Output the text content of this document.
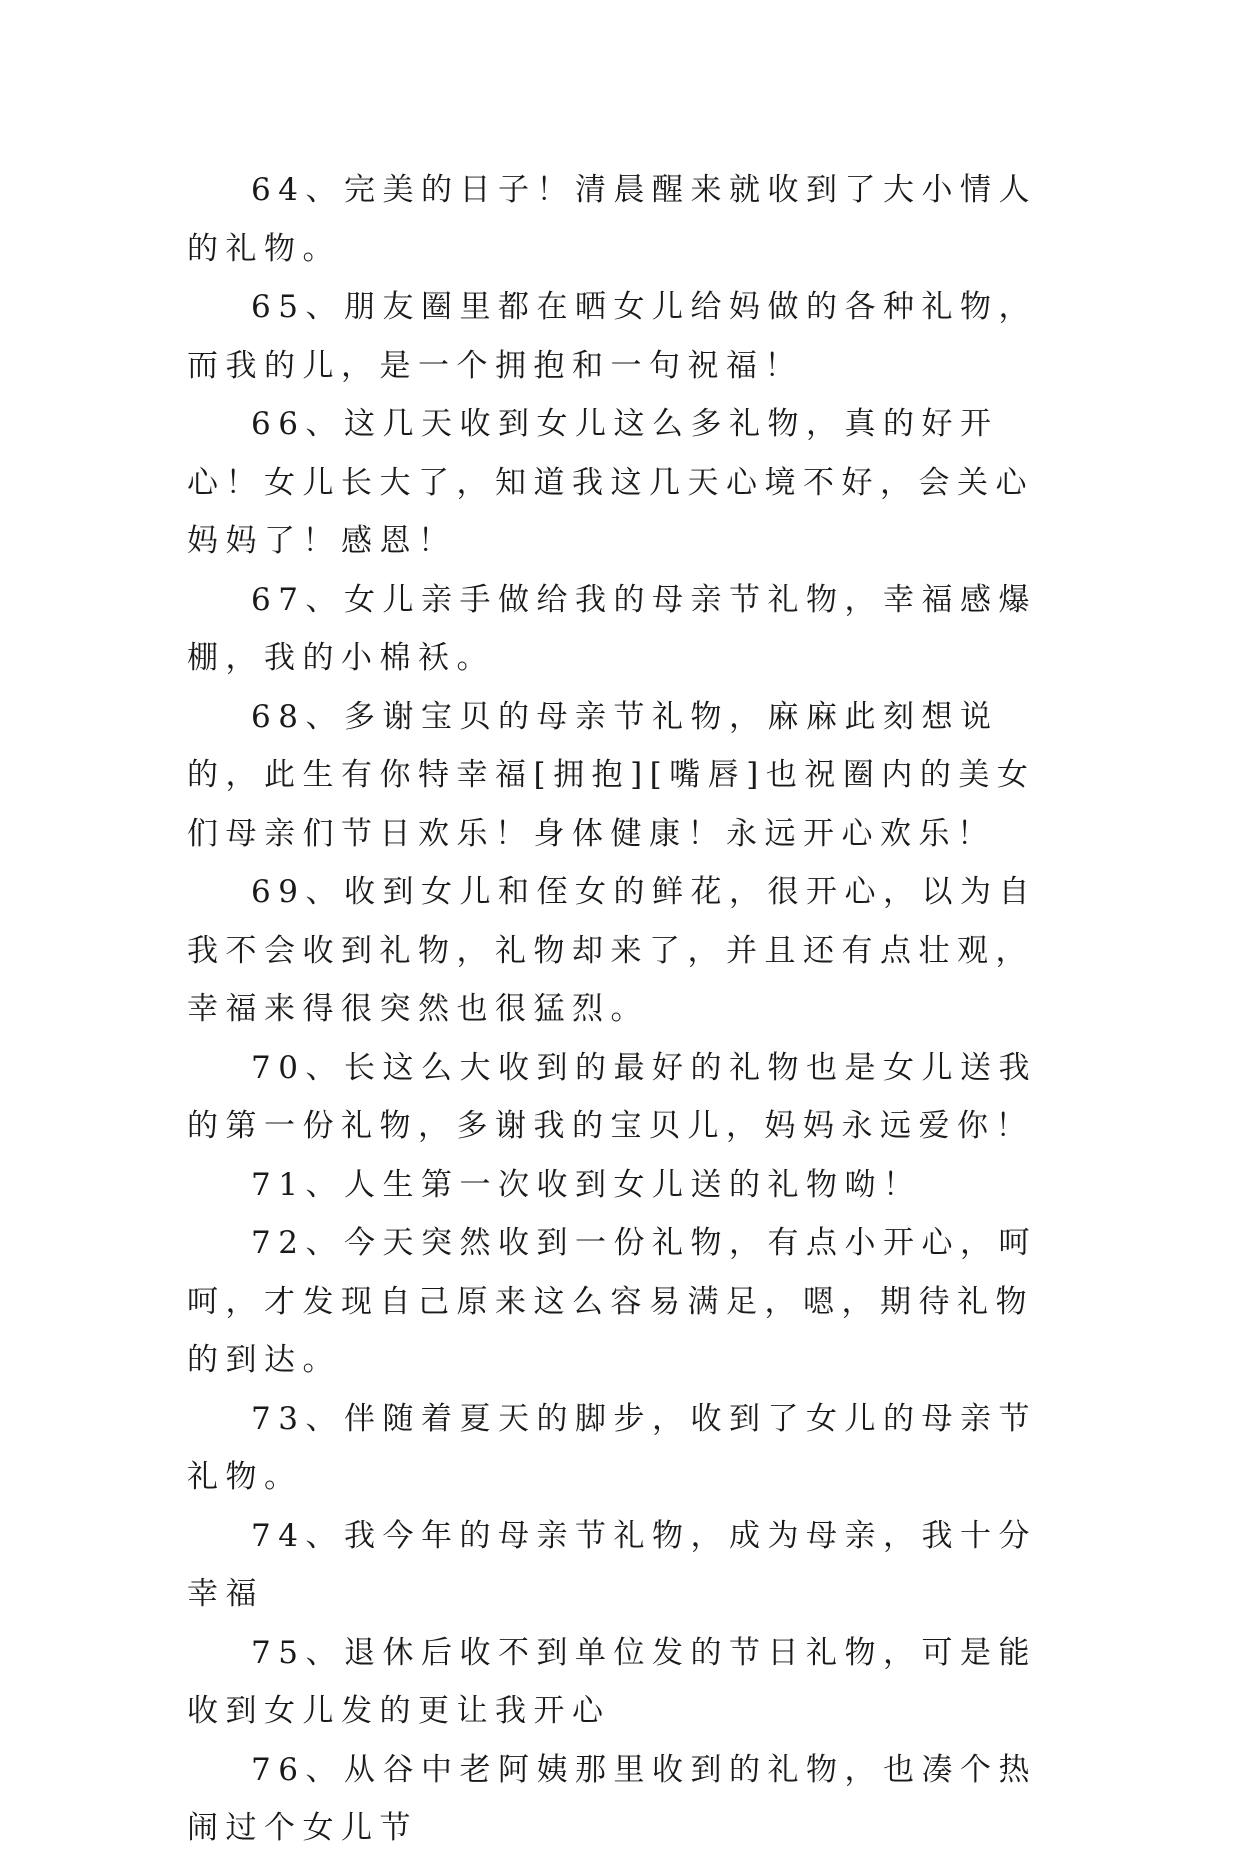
64、完美的日子！清晨醒来就收到了大小情人的礼物。

65、朋友圈里都在晒女儿给妈做的各种礼物，而我的儿，是一个拥抱和一句祝福！

66、这几天收到女儿这么多礼物，真的好开心！女儿长大了，知道我这几天心境不好，会关心妈妈了！感恩！

67、女儿亲手做给我的母亲节礼物，幸福感爆棚，我的小棉袄。

68、多谢宝贝的母亲节礼物，麻麻此刻想说的，此生有你特幸福[拥抱][嘴唇]也祝圈内的美女们母亲们节日欢乐！身体健康！永远开心欢乐！

69、收到女儿和侄女的鲜花，很开心，以为自我不会收到礼物，礼物却来了，并且还有点壮观，幸福来得很突然也很猛烈。

70、长这么大收到的最好的礼物也是女儿送我的第一份礼物，多谢我的宝贝儿，妈妈永远爱你！

71、人生第一次收到女儿送的礼物呦！

72、今天突然收到一份礼物，有点小开心，呵呵，才发现自己原来这么容易满足，嗯，期待礼物的到达。

73、伴随着夏天的脚步，收到了女儿的母亲节礼物。

74、我今年的母亲节礼物，成为母亲，我十分幸福

75、退休后收不到单位发的节日礼物，可是能收到女儿发的更让我开心

76、从谷中老阿姨那里收到的礼物，也凑个热闹过个女儿节
